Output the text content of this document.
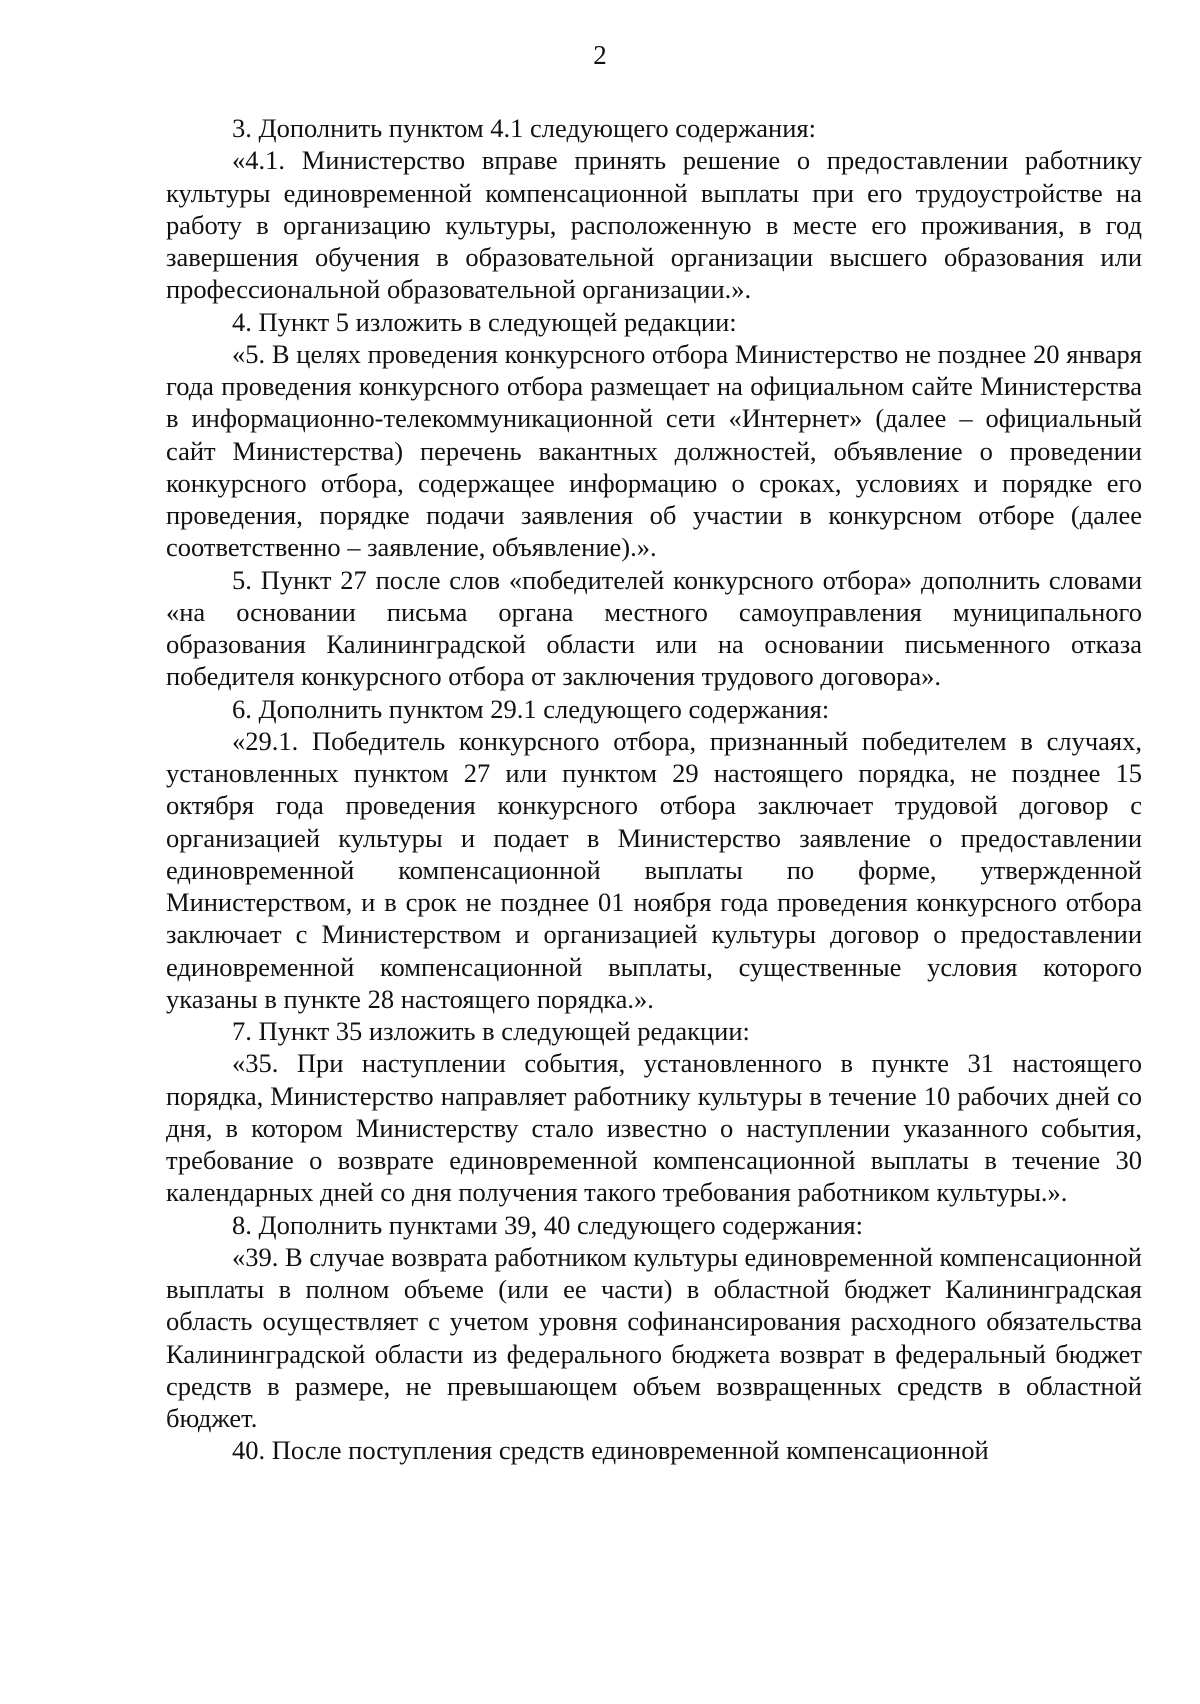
2

3. Дополнить пунктом 4.1 следующего содержания:

«4.1. Министерство вправе принять решение о предоставлении работнику культуры единовременной компенсационной выплаты при его трудоустройстве на работу в организацию культуры, расположенную в месте его проживания, в год завершения обучения в образовательной организации высшего образования или профессиональной образовательной организации.».

4. Пункт 5 изложить в следующей редакции:

«5. В целях проведения конкурсного отбора Министерство не позднее 20 января года проведения конкурсного отбора размещает на официальном сайте Министерства в информационно-телекоммуникационной сети «Интернет» (далее – официальный сайт Министерства) перечень вакантных должностей, объявление о проведении конкурсного отбора, содержащее информацию о сроках, условиях и порядке его проведения, порядке подачи заявления об участии в конкурсном отборе (далее соответственно – заявление, объявление).».

5. Пункт 27 после слов «победителей конкурсного отбора» дополнить словами «на основании письма органа местного самоуправления муниципального образования Калининградской области или на основании письменного отказа победителя конкурсного отбора от заключения трудового договора».

6. Дополнить пунктом 29.1 следующего содержания:

«29.1. Победитель конкурсного отбора, признанный победителем в случаях, установленных пунктом 27 или пунктом 29 настоящего порядка, не позднее 15 октября года проведения конкурсного отбора заключает трудовой договор с организацией культуры и подает в Министерство заявление о предоставлении единовременной компенсационной выплаты по форме, утвержденной Министерством, и в срок не позднее 01 ноября года проведения конкурсного отбора заключает с Министерством и организацией культуры договор о предоставлении единовременной компенсационной выплаты, существенные условия которого указаны в пункте 28 настоящего порядка.».

7. Пункт 35 изложить в следующей редакции:

«35. При наступлении события, установленного в пункте 31 настоящего порядка, Министерство направляет работнику культуры в течение 10 рабочих дней со дня, в котором Министерству стало известно о наступлении указанного события, требование о возврате единовременной компенсационной выплаты в течение 30 календарных дней со дня получения такого требования работником культуры.».

8. Дополнить пунктами 39, 40 следующего содержания:

«39. В случае возврата работником культуры единовременной компенсационной выплаты в полном объеме (или ее части) в областной бюджет Калининградская область осуществляет с учетом уровня софинансирования расходного обязательства Калининградской области из федерального бюджета возврат в федеральный бюджет средств в размере, не превышающем объем возвращенных средств в областной бюджет.

40. После поступления средств единовременной компенсационной
